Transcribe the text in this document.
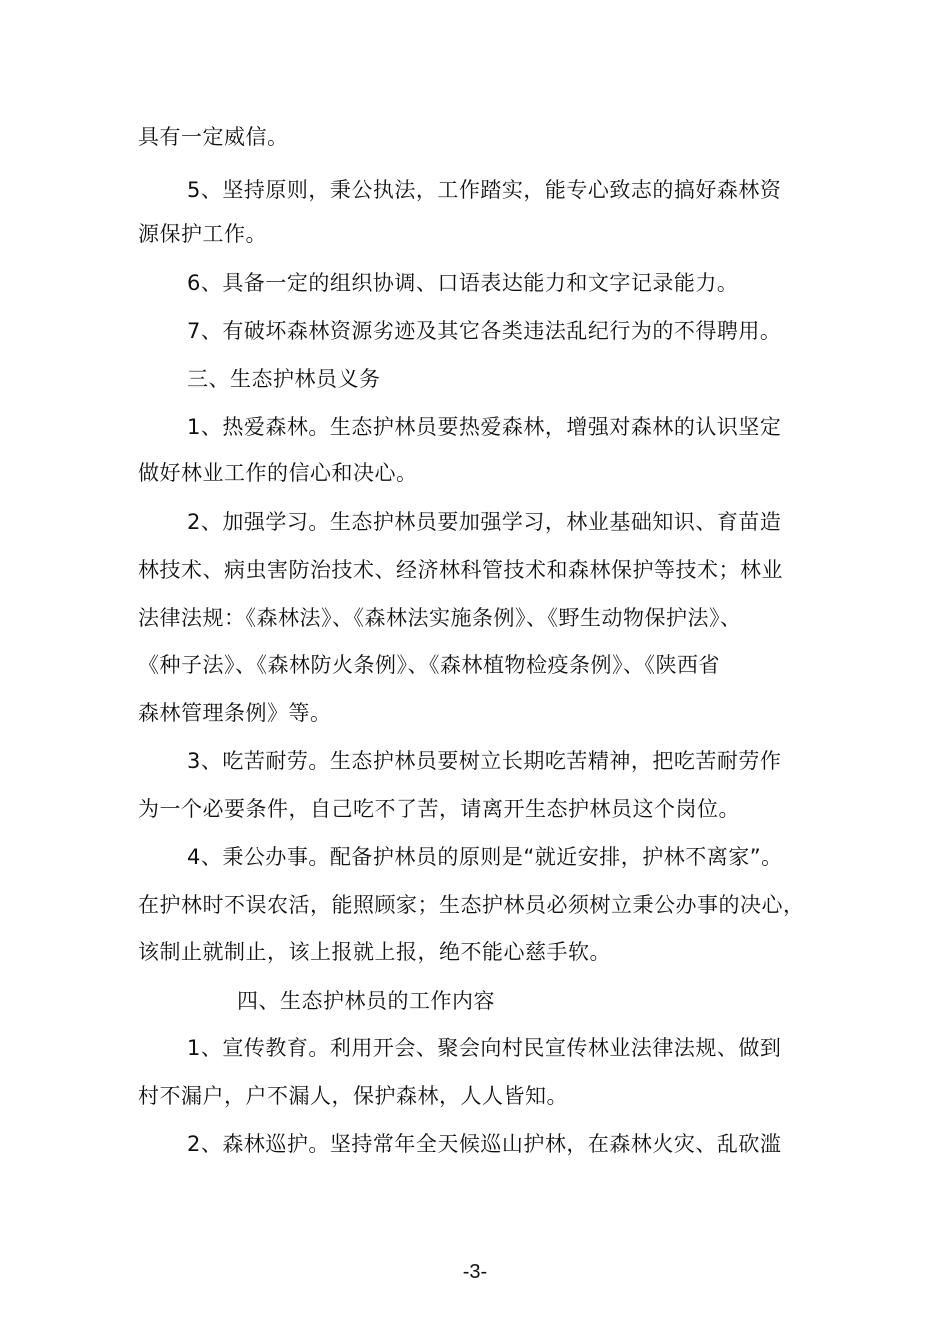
具有一定威信。

5、坚持原则，秉公执法，工作踏实，能专心致志的搞好森林资

源保护工作。

6、具备一定的组织协调、口语表达能力和文字记录能力。

7、有破坏森林资源劣迹及其它各类违法乱纪行为的不得聘用。

三、生态护林员义务

1、热爱森林。生态护林员要热爱森林，增强对森林的认识坚定

做好林业工作的信心和决心。

2、加强学习。生态护林员要加强学习，林业基础知识、育苗造

林技术、病虫害防治技术、经济林科管技术和森林保护等技术；林业

法律法规：《森林法》、《森林法实施条例》、《野生动物保护法》、

《种子法》、《森林防火条例》、《森林植物检疫条例》、《陕西省

森林管理条例》等。

3、吃苦耐劳。生态护林员要树立长期吃苦精神，把吃苦耐劳作

为一个必要条件，自己吃不了苦，请离开生态护林员这个岗位。

4、秉公办事。配备护林员的原则是“就近安排，护林不离家”。

在护林时不误农活，能照顾家；生态护林员必须树立秉公办事的决心，

该制止就制止，该上报就上报，绝不能心慈手软。

四、生态护林员的工作内容

1、宣传教育。利用开会、聚会向村民宣传林业法律法规、做到

村不漏户，户不漏人，保护森林，人人皆知。

2、森林巡护。坚持常年全天候巡山护林，在森林火灾、乱砍滥

-3-
